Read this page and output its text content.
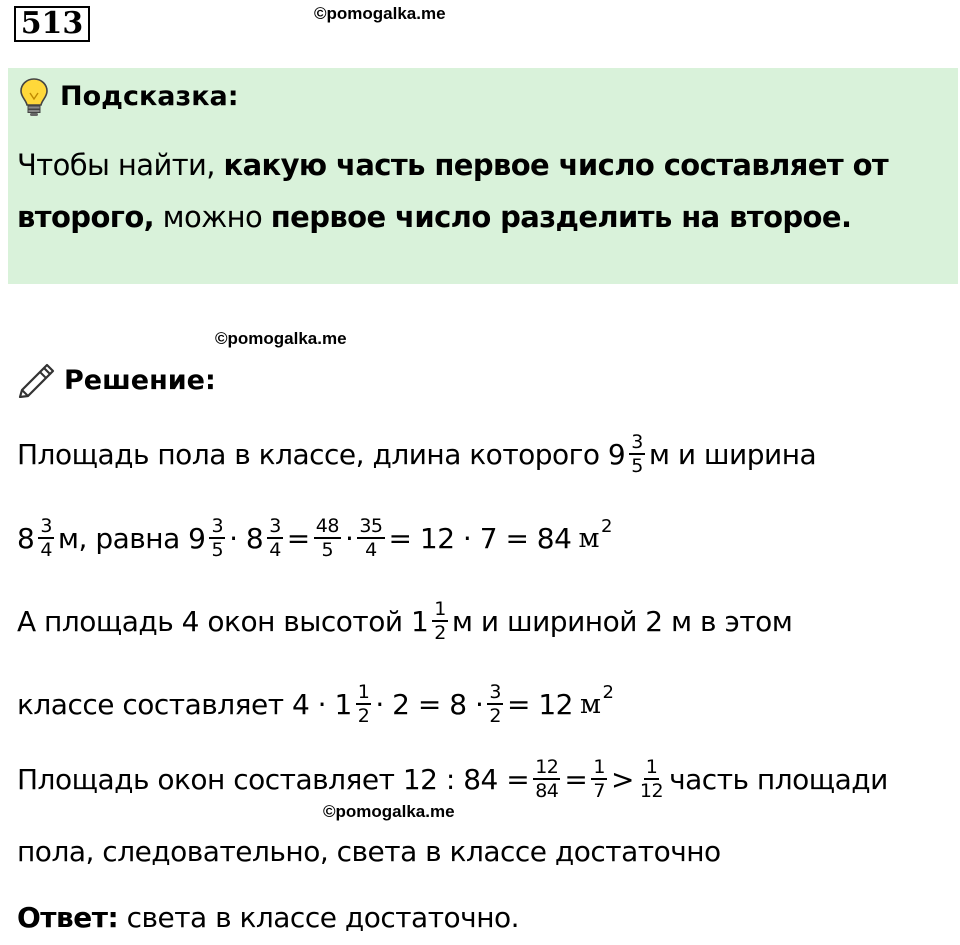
513	©pomogalka.me
Подсказка:
Чтобы найти, какую часть первое число составляет от
второго, можно первое число разделить на второе.
©pomogalka.me
Решение:
Площадь пола в классе, длина которого $9 \frac{3}{5}$ м и ширина
$8 \frac{3}{4} м$, равна $9 \frac{3}{5} \cdot 8 \frac{3}{4} = \frac{48}{5} \cdot \frac{35}{4} = 12 \cdot 7 = 84$ м 2
А площадь 4 окон высотой $1 \frac{1}{2}$ м и шириной 2 м в этом
классе составляет $4 \cdot 1 \frac{1}{2} \cdot 2 = 8 \cdot \frac{3}{2} = 12$ м 2
Площадь окон составляет 12 : $84 = \frac{12}{84} = \frac{1}{7} > \frac{1}{12}$ часть площади
©pomogalka.me
пола, следовательно, света в классе достаточно
Ответ: света в классе достаточно.
